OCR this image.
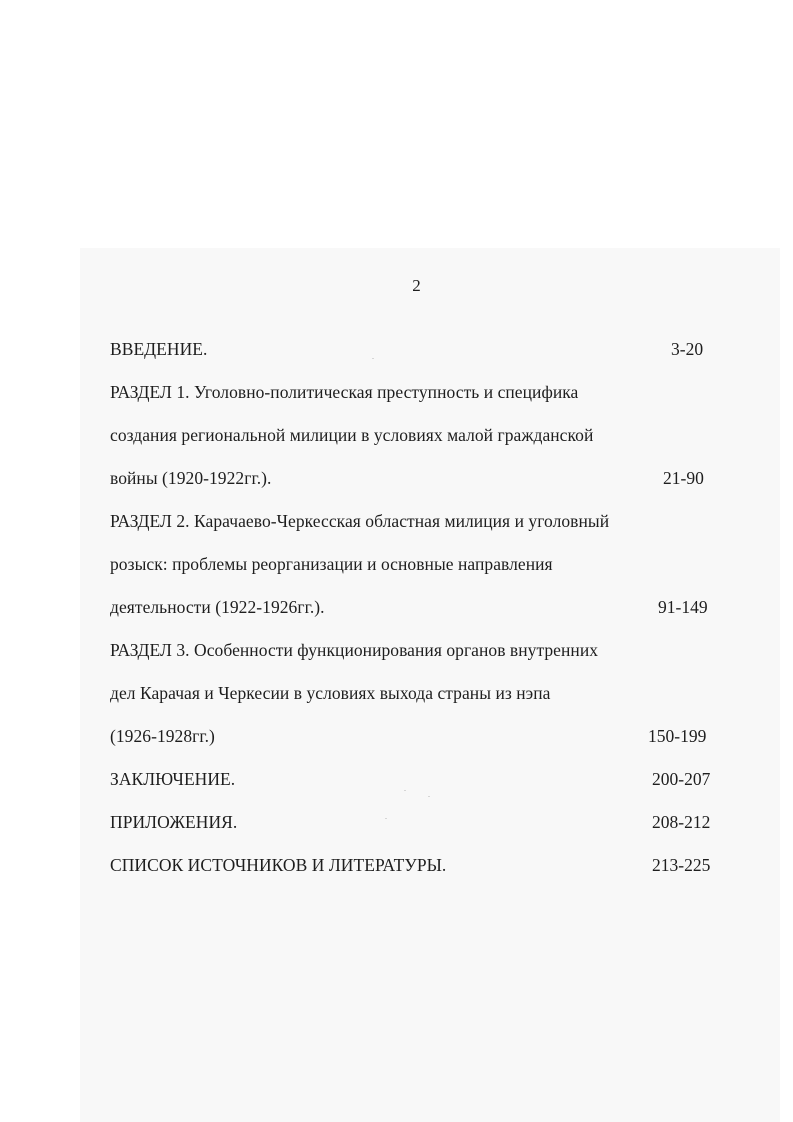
2
ВВЕДЕНИЕ.	3-20
РАЗДЕЛ 1. Уголовно-политическая преступность и специфика
создания региональной милиции в условиях малой гражданской
войны (1920-1922гг.).	21-90
РАЗДЕЛ 2. Карачаево-Черкесская областная милиция и уголовный
розыск: проблемы реорганизации и основные направления
деятельности (1922-1926гг.).	91-149
РАЗДЕЛ 3. Особенности функционирования органов внутренних
дел Карачая и Черкесии в условиях выхода страны из нэпа
(1926-1928гг.)	150-199
ЗАКЛЮЧЕНИЕ.	200-207
ПРИЛОЖЕНИЯ.	208-212
СПИСОК ИСТОЧНИКОВ И ЛИТЕРАТУРЫ.	213-225
